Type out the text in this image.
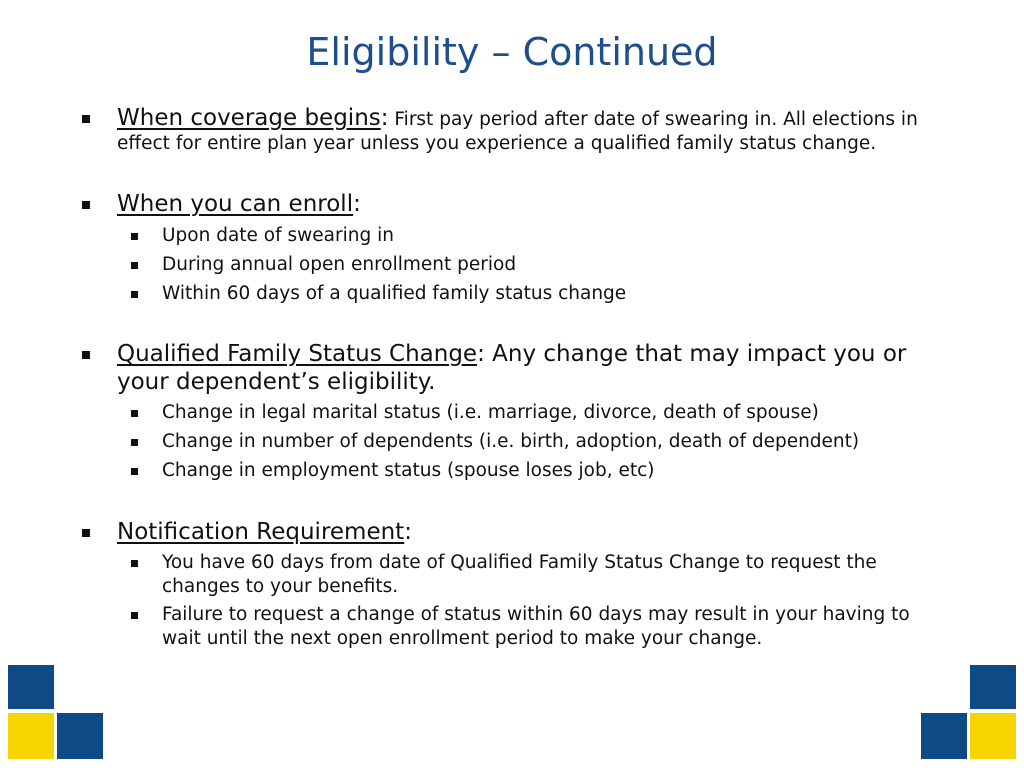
Eligibility – Continued
When coverage begins: First pay period after date of swearing in. All elections in
effect for entire plan year unless you experience a qualified family status change.
When you can enroll:
Upon date of swearing in
During annual open enrollment period
Within 60 days of a qualified family status change
Qualified Family Status Change: Any change that may impact you or
your dependent’s eligibility.
Change in legal marital status (i.e. marriage, divorce, death of spouse)
Change in number of dependents (i.e. birth, adoption, death of dependent)
Change in employment status (spouse loses job, etc)
Notification Requirement:
You have 60 days from date of Qualified Family Status Change to request the
changes to your benefits.
Failure to request a change of status within 60 days may result in your having to
wait until the next open enrollment period to make your change.
